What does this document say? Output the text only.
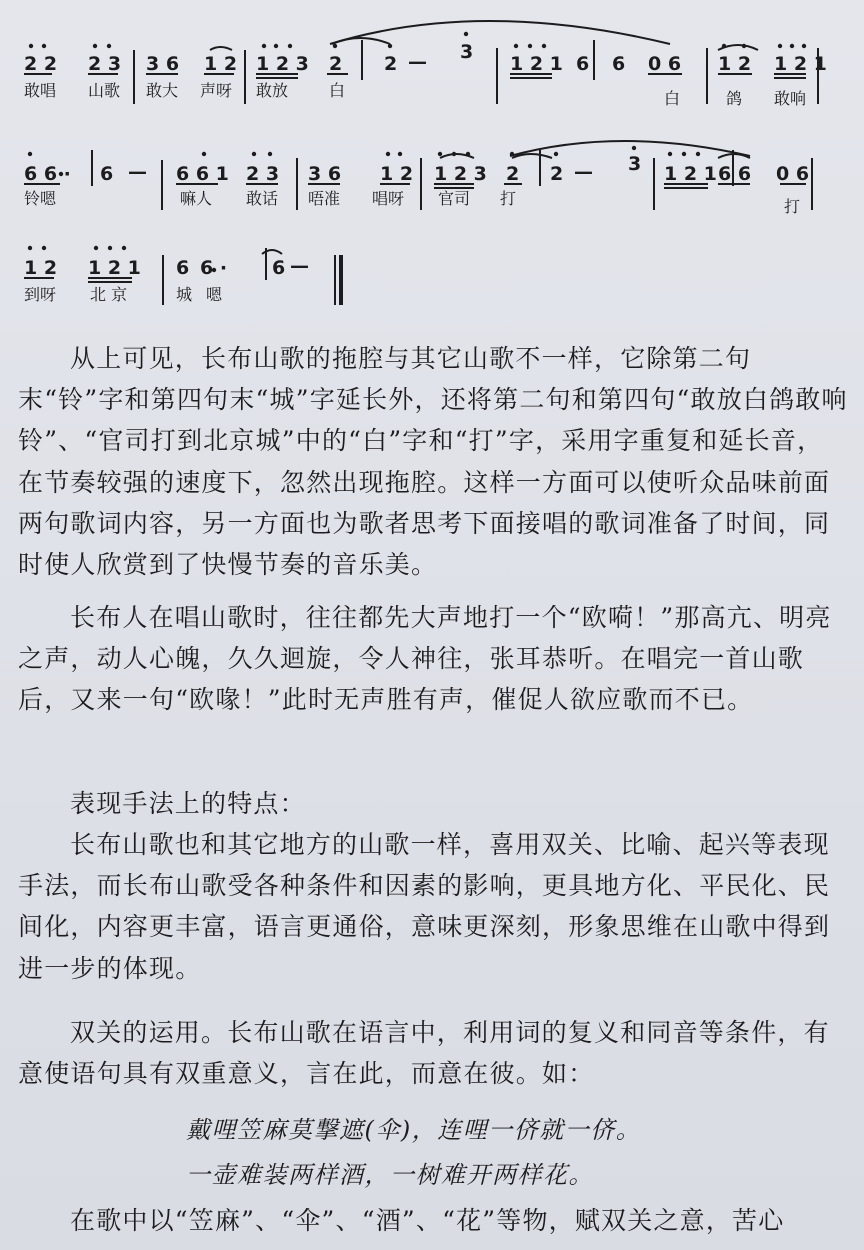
2 2 2 3 3 6 1 2 1 2 3 2 2 — 3
1 2 1 6 6 0 6 1 2 1 2 1
敢唱 山歌 敢大 声呀 敢放	白	白	鸽 敢响
6 6 · 6 — 6 6 1 2 3 3 6 1 2 1 2 3 2 2 — 3 1 2 1 6 6 0 6
铃嗯	嘛人 敢话 唔准 唱呀 官司 打	打
1 2 1 2 1 6 6 · 6 —
到呀 北 京	城 嗯

从上可见，长布山歌的拖腔与其它山歌不一样，它除第二句末“铃”字和第四句末“城”字延长外，还将第二句和第四句“敢放白鸽敢响铃”、“官司打到北京城”中的“白”字和“打”字，采用字重复和延长音，在节奏较强的速度下，忽然出现拖腔。这样一方面可以使听众品味前面两句歌词内容，另一方面也为歌者思考下面接唱的歌词准备了时间，同时使人欣赏到了快慢节奏的音乐美。

长布人在唱山歌时，往往都先大声地打一个“欧嗬！”那高亢、明亮之声，动人心魄，久久迴旋，令人神往，张耳恭听。在唱完一首山歌后，又来一句“欧喙！”此时无声胜有声，催促人欲应歌而不已。

表现手法上的特点：

长布山歌也和其它地方的山歌一样，喜用双关、比喻、起兴等表现手法，而长布山歌受各种条件和因素的影响，更具地方化、平民化、民间化，内容更丰富，语言更通俗，意味更深刻，形象思维在山歌中得到进一步的体现。

双关的运用。长布山歌在语言中，利用词的复义和同音等条件，有意使语句具有双重意义，言在此，而意在彼。如：

戴哩笠麻莫撃遮(伞)，连哩一侪就一侪。

一壶难装两样酒，一树难开两样花。

在歌中以“笠麻”、“伞”、“酒”、“花”等物，赋双关之意，苦心
